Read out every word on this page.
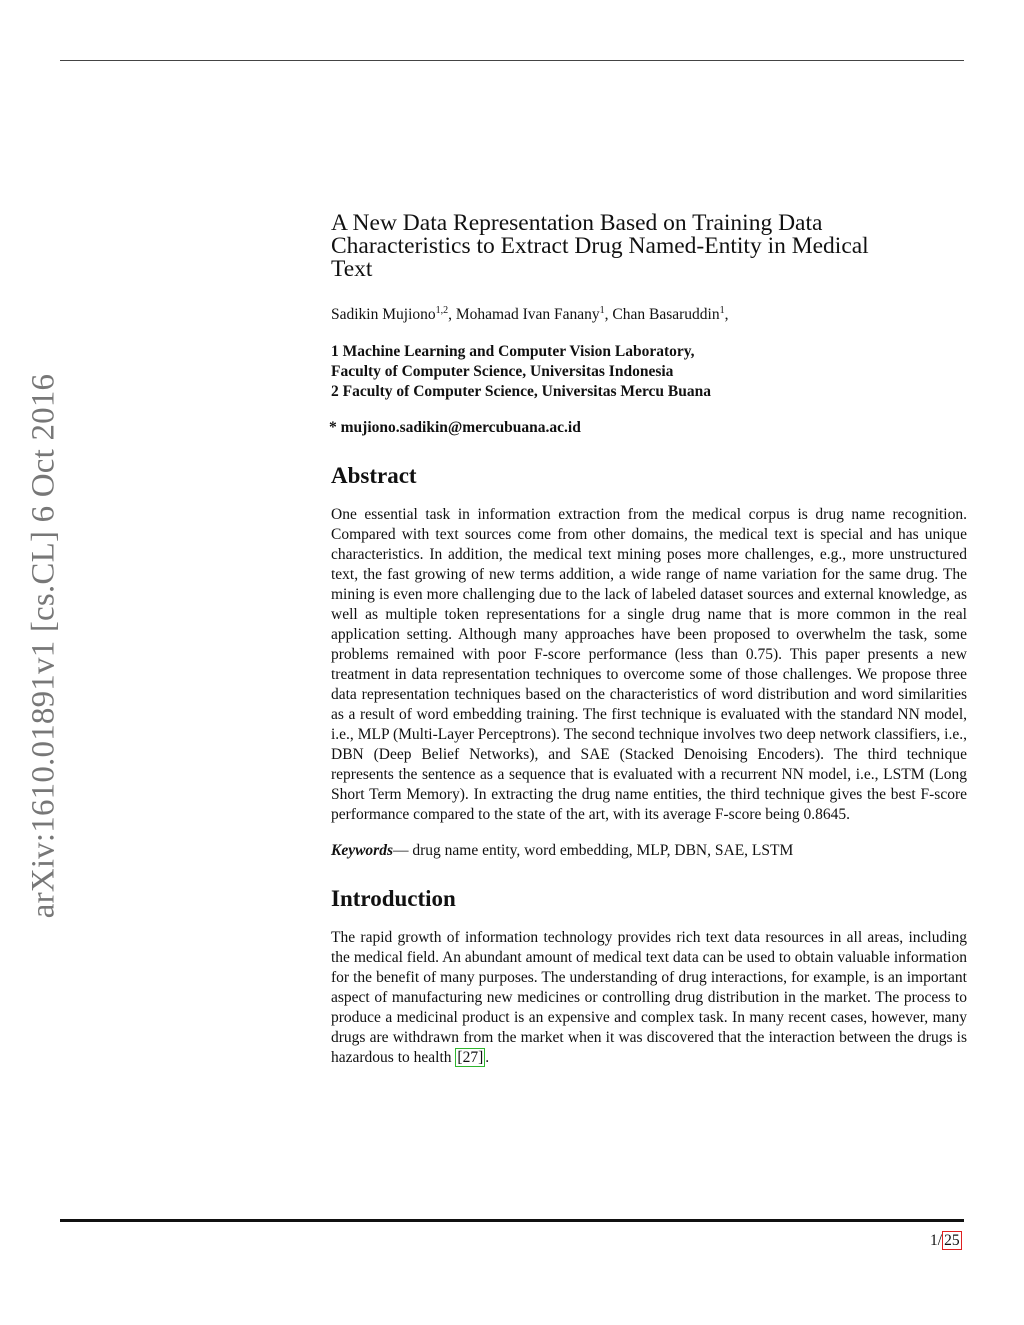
arXiv:1610.01891v1 [cs.CL] 6 Oct 2016
A New Data Representation Based on Training Data Characteristics to Extract Drug Named-Entity in Medical Text
Sadikin Mujiono$^{1,2}$, Mohamad Ivan Fanany$^1$, Chan Basaruddin$^1$,
1 Machine Learning and Computer Vision Laboratory,
Faculty of Computer Science, Universitas Indonesia
2 Faculty of Computer Science, Universitas Mercu Buana
* mujiono.sadikin@mercubuana.ac.id
Abstract
One essential task in information extraction from the medical corpus is drug name recognition. Compared with text sources come from other domains, the medical text is special and has unique characteristics. In addition, the medical text mining poses more challenges, e.g., more unstructured text, the fast growing of new terms addition, a wide range of name variation for the same drug. The mining is even more challenging due to the lack of labeled dataset sources and external knowledge, as well as multiple token representations for a single drug name that is more common in the real application setting. Although many approaches have been proposed to overwhelm the task, some problems remained with poor F-score performance (less than 0.75). This paper presents a new treatment in data representation techniques to overcome some of those challenges. We propose three data representation techniques based on the characteristics of word distribution and word similarities as a result of word embedding training. The first technique is evaluated with the standard NN model, i.e., MLP (Multi-Layer Perceptrons). The second technique involves two deep network classifiers, i.e., DBN (Deep Belief Networks), and SAE (Stacked Denoising Encoders). The third technique represents the sentence as a sequence that is evaluated with a recurrent NN model, i.e., LSTM (Long Short Term Memory). In extracting the drug name entities, the third technique gives the best F-score performance compared to the state of the art, with its average F-score being 0.8645.
Keywords— drug name entity, word embedding, MLP, DBN, SAE, LSTM
Introduction
The rapid growth of information technology provides rich text data resources in all areas, including the medical field. An abundant amount of medical text data can be used to obtain valuable information for the benefit of many purposes. The understanding of drug interactions, for example, is an important aspect of manufacturing new medicines or controlling drug distribution in the market. The process to produce a medicinal product is an expensive and complex task. In many recent cases, however, many drugs are withdrawn from the market when it was discovered that the interaction between the drugs is hazardous to health [27] .
1/ 25
